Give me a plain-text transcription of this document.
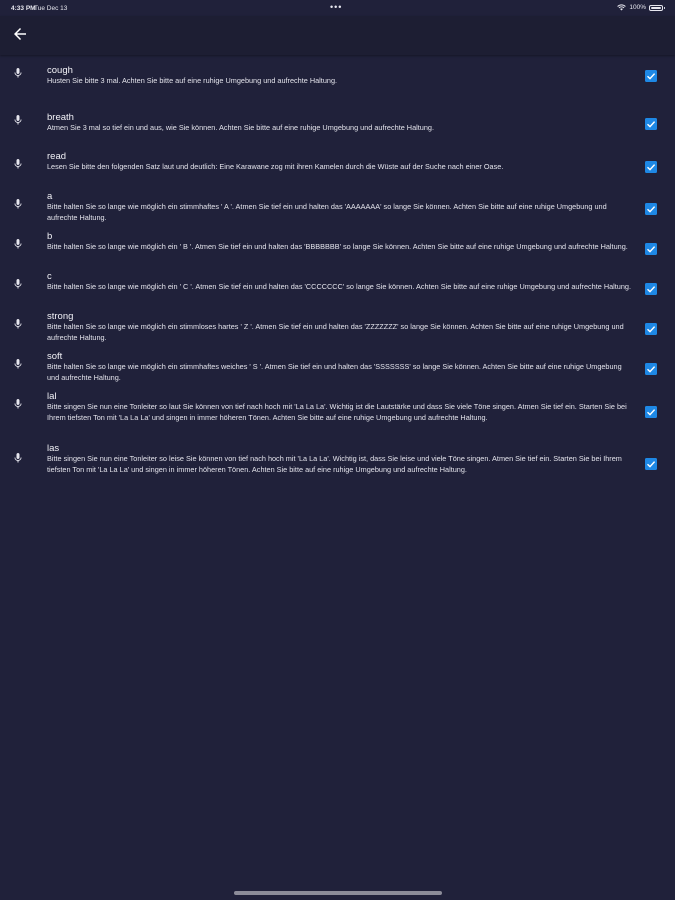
4:33 PM
Tue Dec 13	•••	100%
cough
Husten Sie bitte 3 mal. Achten Sie bitte auf eine ruhige Umgebung und aufrechte Haltung.
breath
Atmen Sie 3 mal so tief ein und aus, wie Sie können. Achten Sie bitte auf eine ruhige Umgebung und aufrechte Haltung.
read
Lesen Sie bitte den folgenden Satz laut und deutlich: Eine Karawane zog mit ihren Kamelen durch die Wüste auf der Suche nach einer Oase.
a
Bitte halten Sie so lange wie möglich ein stimmhaftes ' A '. Atmen Sie tief ein und halten das 'AAAAAAA' so lange Sie können. Achten Sie bitte auf eine ruhige Umgebung und aufrechte Haltung.
b
Bitte halten Sie so lange wie möglich ein ' B '. Atmen Sie tief ein und halten das 'BBBBBBB' so lange Sie können. Achten Sie bitte auf eine ruhige Umgebung und aufrechte Haltung.
c
Bitte halten Sie so lange wie möglich ein ' C '. Atmen Sie tief ein und halten das 'CCCCCCC' so lange Sie können. Achten Sie bitte auf eine ruhige Umgebung und aufrechte Haltung.
strong
Bitte halten Sie so lange wie möglich ein stimmloses hartes ' Z '. Atmen Sie tief ein und halten das 'ZZZZZZZ' so lange Sie können. Achten Sie bitte auf eine ruhige Umgebung und aufrechte Haltung.
soft
Bitte halten Sie so lange wie möglich ein stimmhaftes weiches ' S '. Atmen Sie tief ein und halten das 'SSSSSSS' so lange Sie können. Achten Sie bitte auf eine ruhige Umgebung und aufrechte Haltung.
lal
Bitte singen Sie nun eine Tonleiter so laut Sie können von tief nach hoch mit 'La La La'. Wichtig ist die Lautstärke und dass Sie viele Töne singen. Atmen Sie tief ein. Starten Sie bei Ihrem tiefsten Ton mit 'La La La' und singen in immer höheren Tönen. Achten Sie bitte auf eine ruhige Umgebung und aufrechte Haltung.
las
Bitte singen Sie nun eine Tonleiter so leise Sie können von tief nach hoch mit 'La La La'. Wichtig ist, dass Sie leise und viele Töne singen. Atmen Sie tief ein. Starten Sie bei Ihrem tiefsten Ton mit 'La La La' und singen in immer höheren Tönen. Achten Sie bitte auf eine ruhige Umgebung und aufrechte Haltung.
